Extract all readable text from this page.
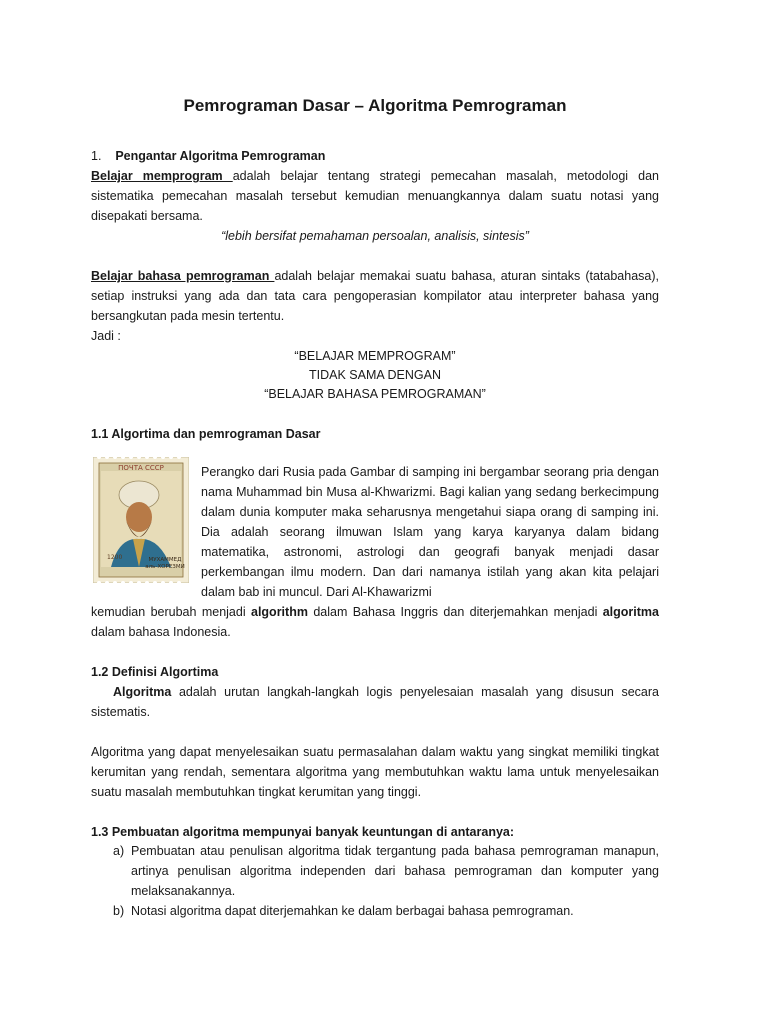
Pemrograman Dasar – Algoritma Pemrograman
1. Pengantar Algoritma Pemrograman
Belajar memprogram adalah belajar tentang strategi pemecahan masalah, metodologi dan sistematika pemecahan masalah tersebut kemudian menuangkannya dalam suatu notasi yang disepakati bersama.
“lebih bersifat pemahaman persoalan, analisis, sintesis”
Belajar bahasa pemrograman adalah belajar memakai suatu bahasa, aturan sintaks (tatabahasa), setiap instruksi yang ada dan tata cara pengoperasian kompilator atau interpreter bahasa yang bersangkutan pada mesin tertentu.
Jadi :
“BELAJAR MEMPROGRAM”
TIDAK SAMA DENGAN
“BELAJAR BAHASA PEMROGRAMAN”
1.1 Algortima dan pemrograman Dasar
Perangko dari Rusia pada Gambar di samping ini bergambar seorang pria dengan nama Muhammad bin Musa al-Khwarizmi. Bagi kalian yang sedang berkecimpung dalam dunia komputer maka seharusnya mengetahui siapa orang di samping ini. Dia adalah seorang ilmuwan Islam yang karya karyanya dalam bidang matematika, astronomi, astrologi dan geografi banyak menjadi dasar perkembangan ilmu modern. Dan dari namanya istilah yang akan kita pelajari dalam bab ini muncul. Dari Al-Khawarizmi
kemudian berubah menjadi algorithm dalam Bahasa Inggris dan diterjemahkan menjadi algoritma dalam bahasa Indonesia.
1.2 Definisi Algortima
Algoritma adalah urutan langkah-langkah logis penyelesaian masalah yang disusun secara sistematis.
Algoritma yang dapat menyelesaikan suatu permasalahan dalam waktu yang singkat memiliki tingkat kerumitan yang rendah, sementara algoritma yang membutuhkan waktu lama untuk menyelesaikan suatu masalah membutuhkan tingkat kerumitan yang tinggi.
1.3 Pembuatan algoritma mempunyai banyak keuntungan di antaranya:
a) Pembuatan atau penulisan algoritma tidak tergantung pada bahasa pemrograman manapun, artinya penulisan algoritma independen dari bahasa pemrograman dan komputer yang melaksanakannya.
b) Notasi algoritma dapat diterjemahkan ke dalam berbagai bahasa pemrograman.
ПОЧТА СССР
1200	МУХАММЕД
аль-ХОРЕЗМИ
